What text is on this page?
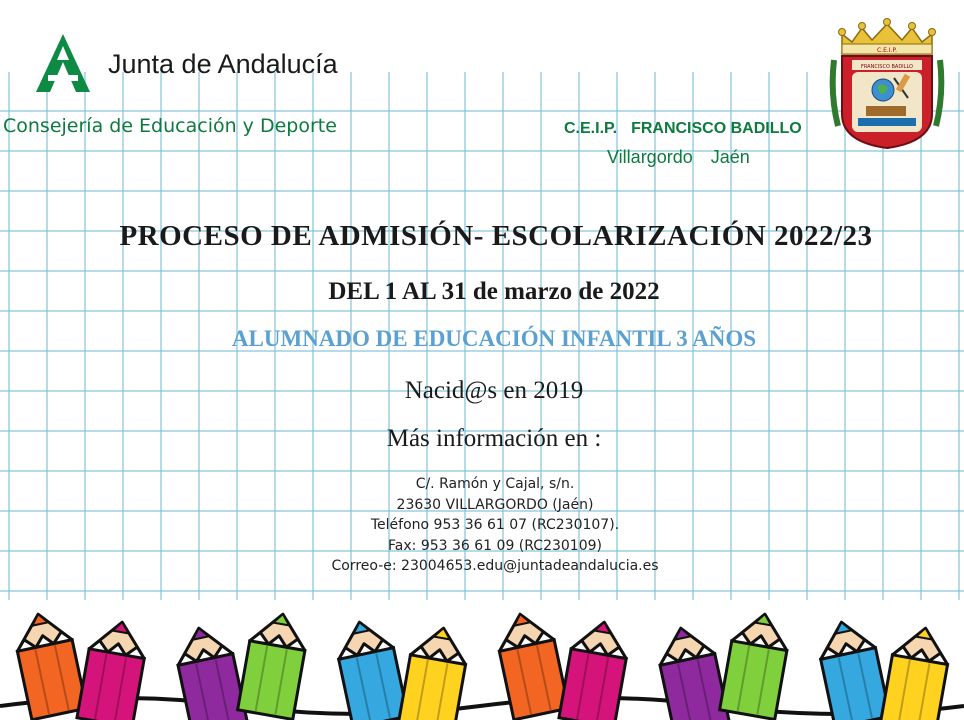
Junta de Andalucía
Consejería de Educación y Deporte	C.E.I.P. FRANCISCO BADILLO
Villargordo Jaén
C.E.I.P.
FRANCISCO BADILLO
PROCESO DE ADMISIÓN- ESCOLARIZACIÓN 2022/23
DEL 1 AL 31 de marzo de 2022
ALUMNADO DE EDUCACIÓN INFANTIL 3 AÑOS
Nacid@s en 2019
Más información en :
C/. Ramón y Cajal, s/n.
23630 VILLARGORDO (Jaén)
Teléfono 953 36 61 07 (RC230107).
Fax: 953 36 61 09 (RC230109)
Correo-e: 23004653.edu@juntadeandalucia.es
